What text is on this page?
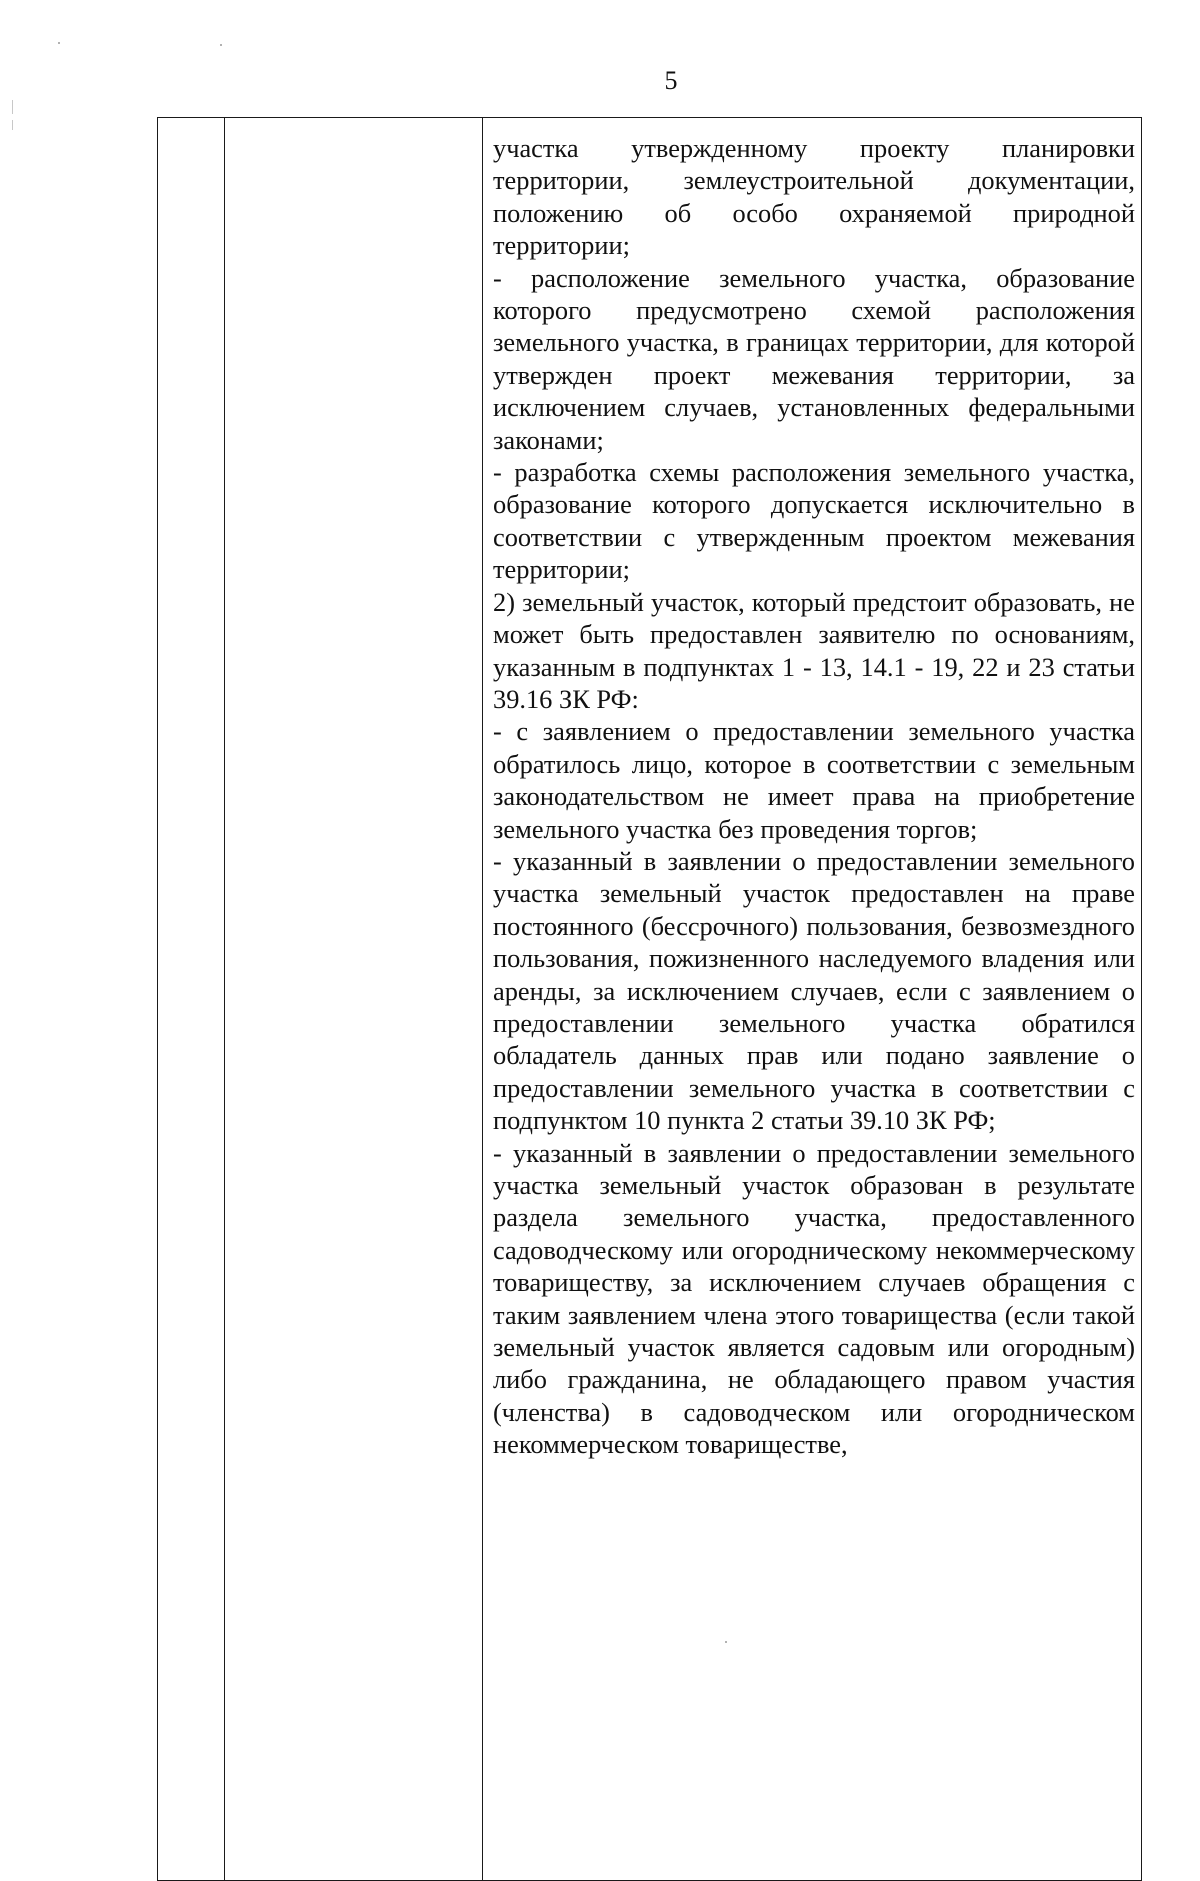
5

участка утвержденному проекту планировки территории, землеустроительной документации, положению об особо охраняемой природной территории;

- расположение земельного участка, образование которого предусмотрено схемой расположения земельного участка, в границах территории, для которой утвержден проект межевания территории, за исключением случаев, установленных федеральными законами;

- разработка схемы расположения земельного участка, образование которого допускается исключительно в соответствии с утвержденным проектом межевания территории;

2) земельный участок, который предстоит образовать, не может быть предоставлен заявителю по основаниям, указанным в подпунктах 1 - 13, 14.1 - 19, 22 и 23 статьи 39.16 ЗК РФ:

- с заявлением о предоставлении земельного участка обратилось лицо, которое в соответствии с земельным законодательством не имеет права на приобретение земельного участка без проведения торгов;

- указанный в заявлении о предоставлении земельного участка земельный участок предоставлен на праве постоянного (бессрочного) пользования, безвозмездного пользования, пожизненного наследуемого владения или аренды, за исключением случаев, если с заявлением о предоставлении земельного участка обратился обладатель данных прав или подано заявление о предоставлении земельного участка в соответствии с подпунктом 10 пункта 2 статьи 39.10 ЗК РФ;

- указанный в заявлении о предоставлении земельного участка земельный участок образован в результате раздела земельного участка, предоставленного садоводческому или огородническому некоммерческому товариществу, за исключением случаев обращения с таким заявлением члена этого товарищества (если такой земельный участок является садовым или огородным) либо гражданина, не обладающего правом участия (членства) в садоводческом или огородническом некоммерческом товариществе,
